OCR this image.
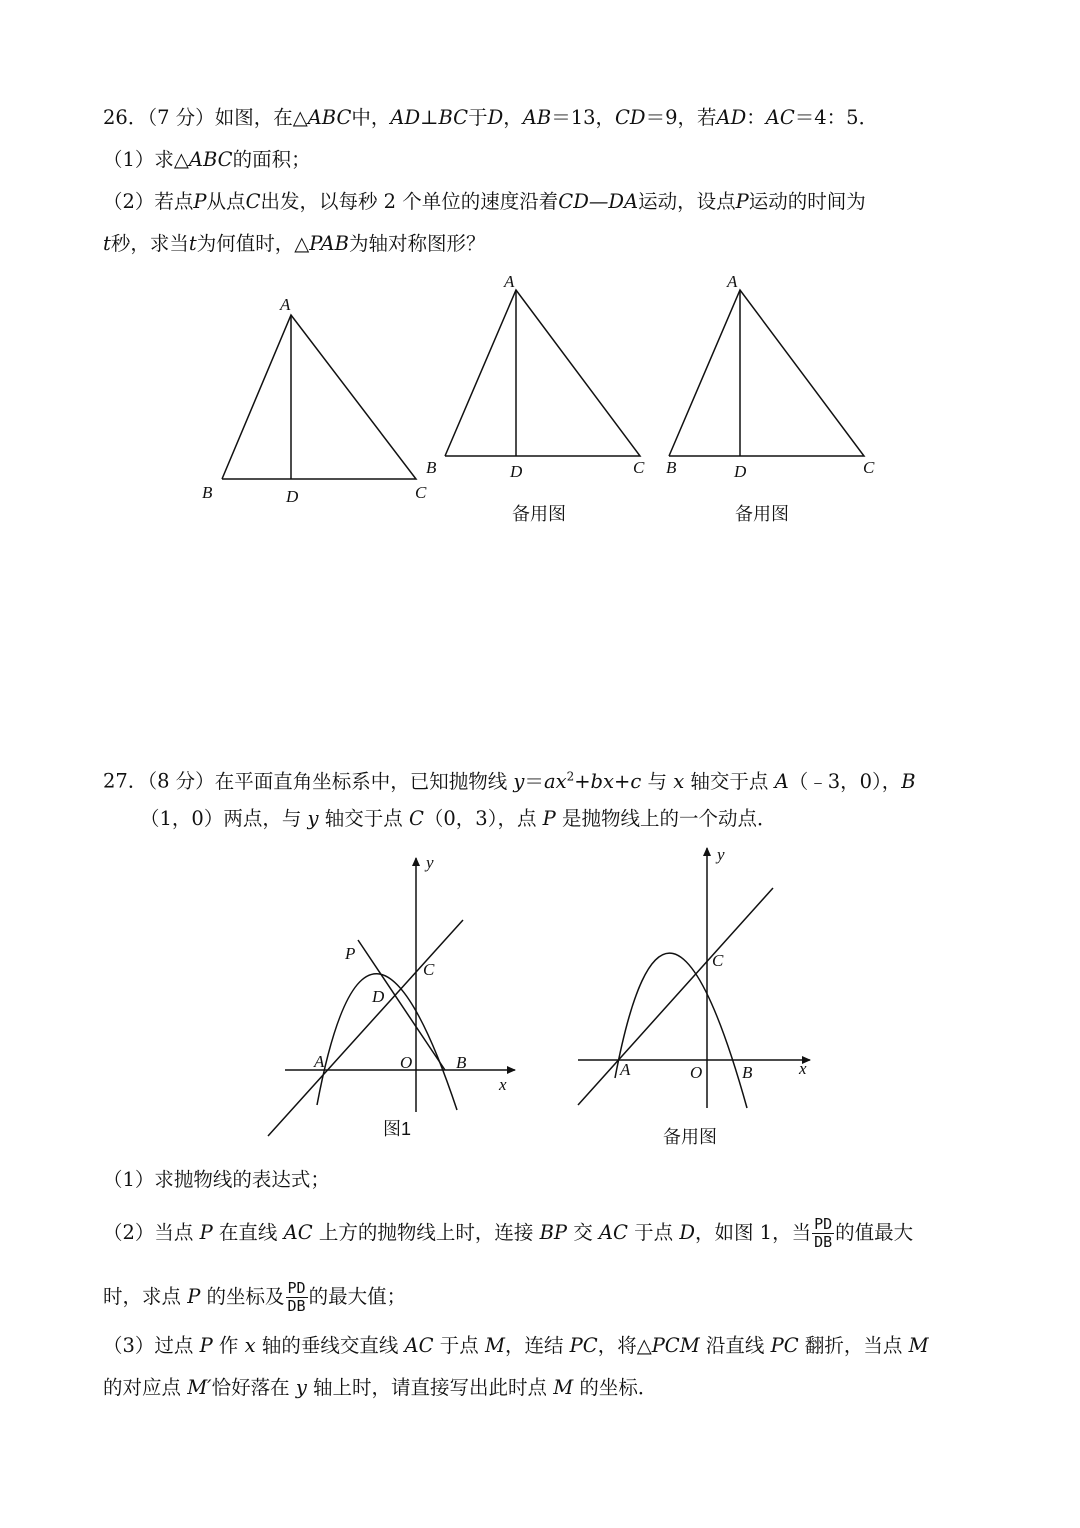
26．（7 分）如图，在△ABC中，AD⊥BC于D，AB＝13，CD＝9，若AD：AC＝4：5．
（1）求△ABC的面积；
（2）若点P从点C出发，以每秒 2 个单位的速度沿着CD—DA运动，设点P运动的时间为
t秒，求当t为何值时，△PAB为轴对称图形？
A
B	D	C
A
B	D	C
备用图
A
B	D	C
备用图
27．（8 分）在平面直角坐标系中，已知抛物线 $y=ax^2+bx+c$ 与 x 轴交于点 A（﹣3，0），B
（1，0）两点，与 y 轴交于点 C（0，3），点 P 是抛物线上的一个动点．
y
x
P
C
D
A	O	B
图1
y
x
C
A	O B
备用图
（1）求抛物线的表达式；
（2）当点 P 在直线 AC 上方的抛物线上时，连接 BP 交 AC 于点 D，如图 1，当 $\frac{PD}{DB}$ 的值最大
时，求点 P 的坐标及 $\frac{PD}{DB}$ 的最大值；
（3）过点 P 作 x 轴的垂线交直线 AC 于点 M，连结 PC，将△PCM 沿直线 PC 翻折，当点 M
的对应点 M′恰好落在 y 轴上时，请直接写出此时点 M 的坐标．
